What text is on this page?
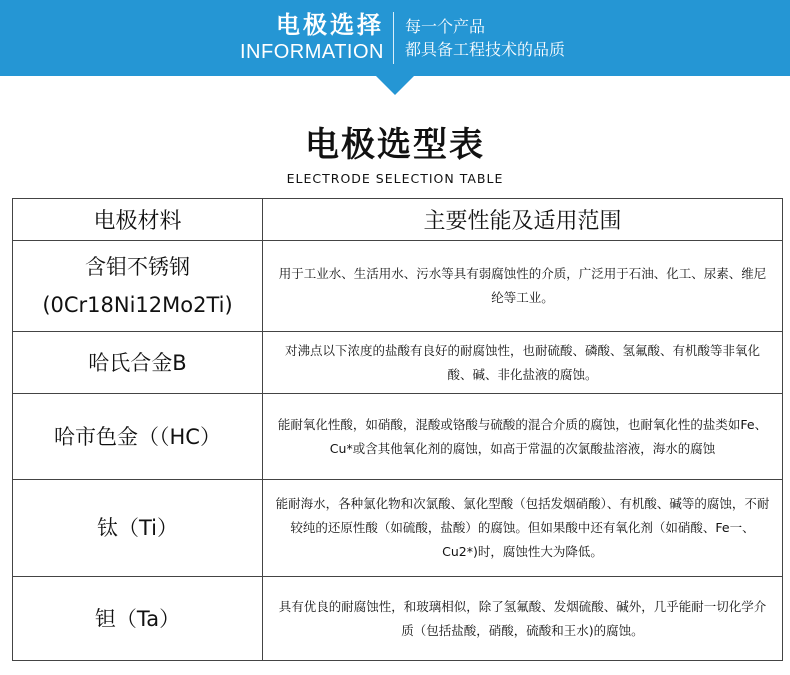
电极选择
INFORMATION
每一个产品
都具备工程技术的品质
电极选型表
ELECTRODE SELECTION TABLE
电极材料	主要性能及适用范围

含钼不锈钢
(0Cr18Ni12Mo2Ti)	用于工业水、生活用水、污水等具有弱腐蚀性的介质，广泛用于石油、化工、尿素、维尼纶等工业。

哈氏合金B	对沸点以下浓度的盐酸有良好的耐腐蚀性，也耐硫酸、磷酸、氢氟酸、有机酸等非氧化酸、碱、非化盐液的腐蚀。

哈市色金（（HC）	能耐氧化性酸，如硝酸，混酸或铬酸与硫酸的混合介质的腐蚀，也耐氧化性的盐类如Fe、Cu*或含其他氧化剂的腐蚀，如高于常温的次氯酸盐溶液，海水的腐蚀

钛（Ti）	能耐海水，各种氯化物和次氯酸、氯化型酸（包括发烟硝酸）、有机酸、碱等的腐蚀，不耐较纯的还原性酸（如硫酸，盐酸）的腐蚀。但如果酸中还有氧化剂（如硝酸、Fe一、Cu2*)时，腐蚀性大为降低。

钽（Ta）	具有优良的耐腐蚀性，和玻璃相似，除了氢氟酸、发烟硫酸、碱外，几乎能耐一切化学介质（包括盐酸，硝酸，硫酸和王水)的腐蚀。
